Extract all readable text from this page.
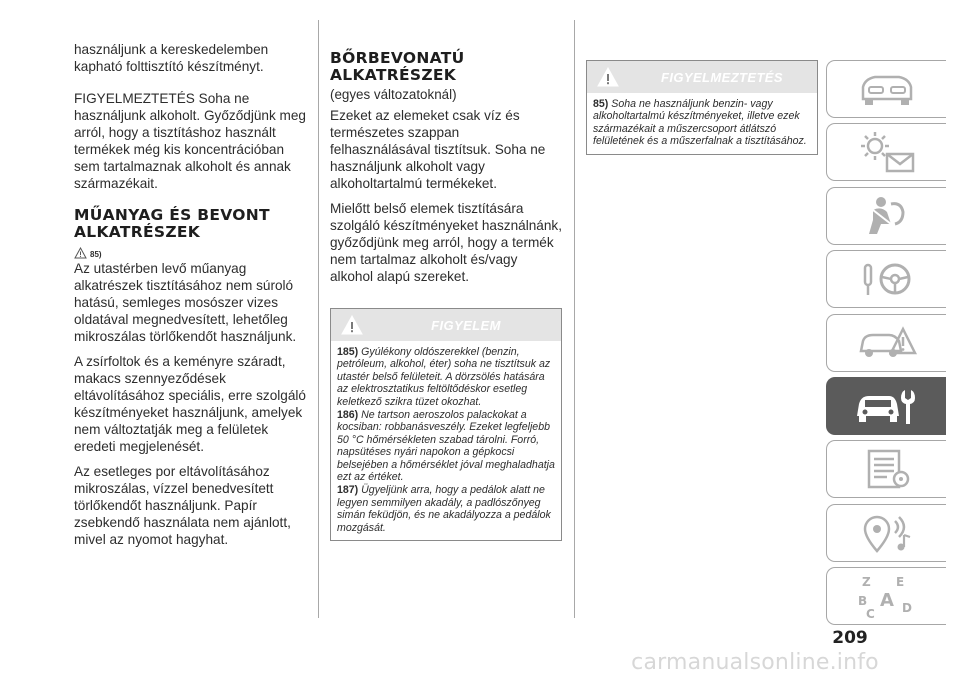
használjunk a kereskedelemben kapható folttisztító készítményt.

FIGYELMEZTETÉS Soha ne használjunk alkoholt. Győződjünk meg arról, hogy a tisztításhoz használt termékek még kis koncentrációban sem tartalmaznak alkoholt és annak származékait.

MŰANYAG ÉS BEVONT ALKATRÉSZEK
85)

Az utastérben levő műanyag alkatrészek tisztításához nem súroló hatású, semleges mosószer vizes oldatával megnedvesített, lehetőleg mikroszálas törlőkendőt használjunk.

A zsírfoltok és a keményre száradt, makacs szennyeződések eltávolításához speciális, erre szolgáló készítményeket használjunk, amelyek nem változtatják meg a felületek eredeti megjelenését.

Az esetleges por eltávolításához mikroszálas, vízzel benedvesített törlőkendőt használjunk. Papír zsebkendő használata nem ajánlott, mivel az nyomot hagyhat.

BŐRBEVONATÚ ALKATRÉSZEK

(egyes változatoknál)

Ezeket az elemeket csak víz és természetes szappan felhasználásával tisztítsuk. Soha ne használjunk alkoholt vagy alkoholtartalmú termékeket.

Mielőtt belső elemek tisztítására szolgáló készítményeket használnánk, győződjünk meg arról, hogy a termék nem tartalmaz alkoholt és/vagy alkohol alapú szereket.

FIGYELEM

185) Gyúlékony oldószerekkel (benzin, petróleum, alkohol, éter) soha ne tisztítsuk az utastér belső felületeit. A dörzsölés hatására az elektrosztatikus feltöltődéskor esetleg keletkező szikra tüzet okozhat.

186) Ne tartson aeroszolos palackokat a kocsiban: robbanásveszély. Ezeket legfeljebb 50 °C hőmérsékleten szabad tárolni. Forró, napsütéses nyári napokon a gépkocsi belsejében a hőmérséklet jóval meghaladhatja ezt az értéket.

187) Ügyeljünk arra, hogy a pedálok alatt ne legyen semmilyen akadály, a padlószőnyeg simán feküdjön, és ne akadályozza a pedálok mozgását.

FIGYELMEZTETÉS

85) Soha ne használjunk benzin- vagy alkoholtartalmú készítményeket, illetve ezek származékait a műszercsoport átlátszó felületének és a műszerfalnak a tisztításához.

Z E
B A
C D
209
carmanualsonline.info
